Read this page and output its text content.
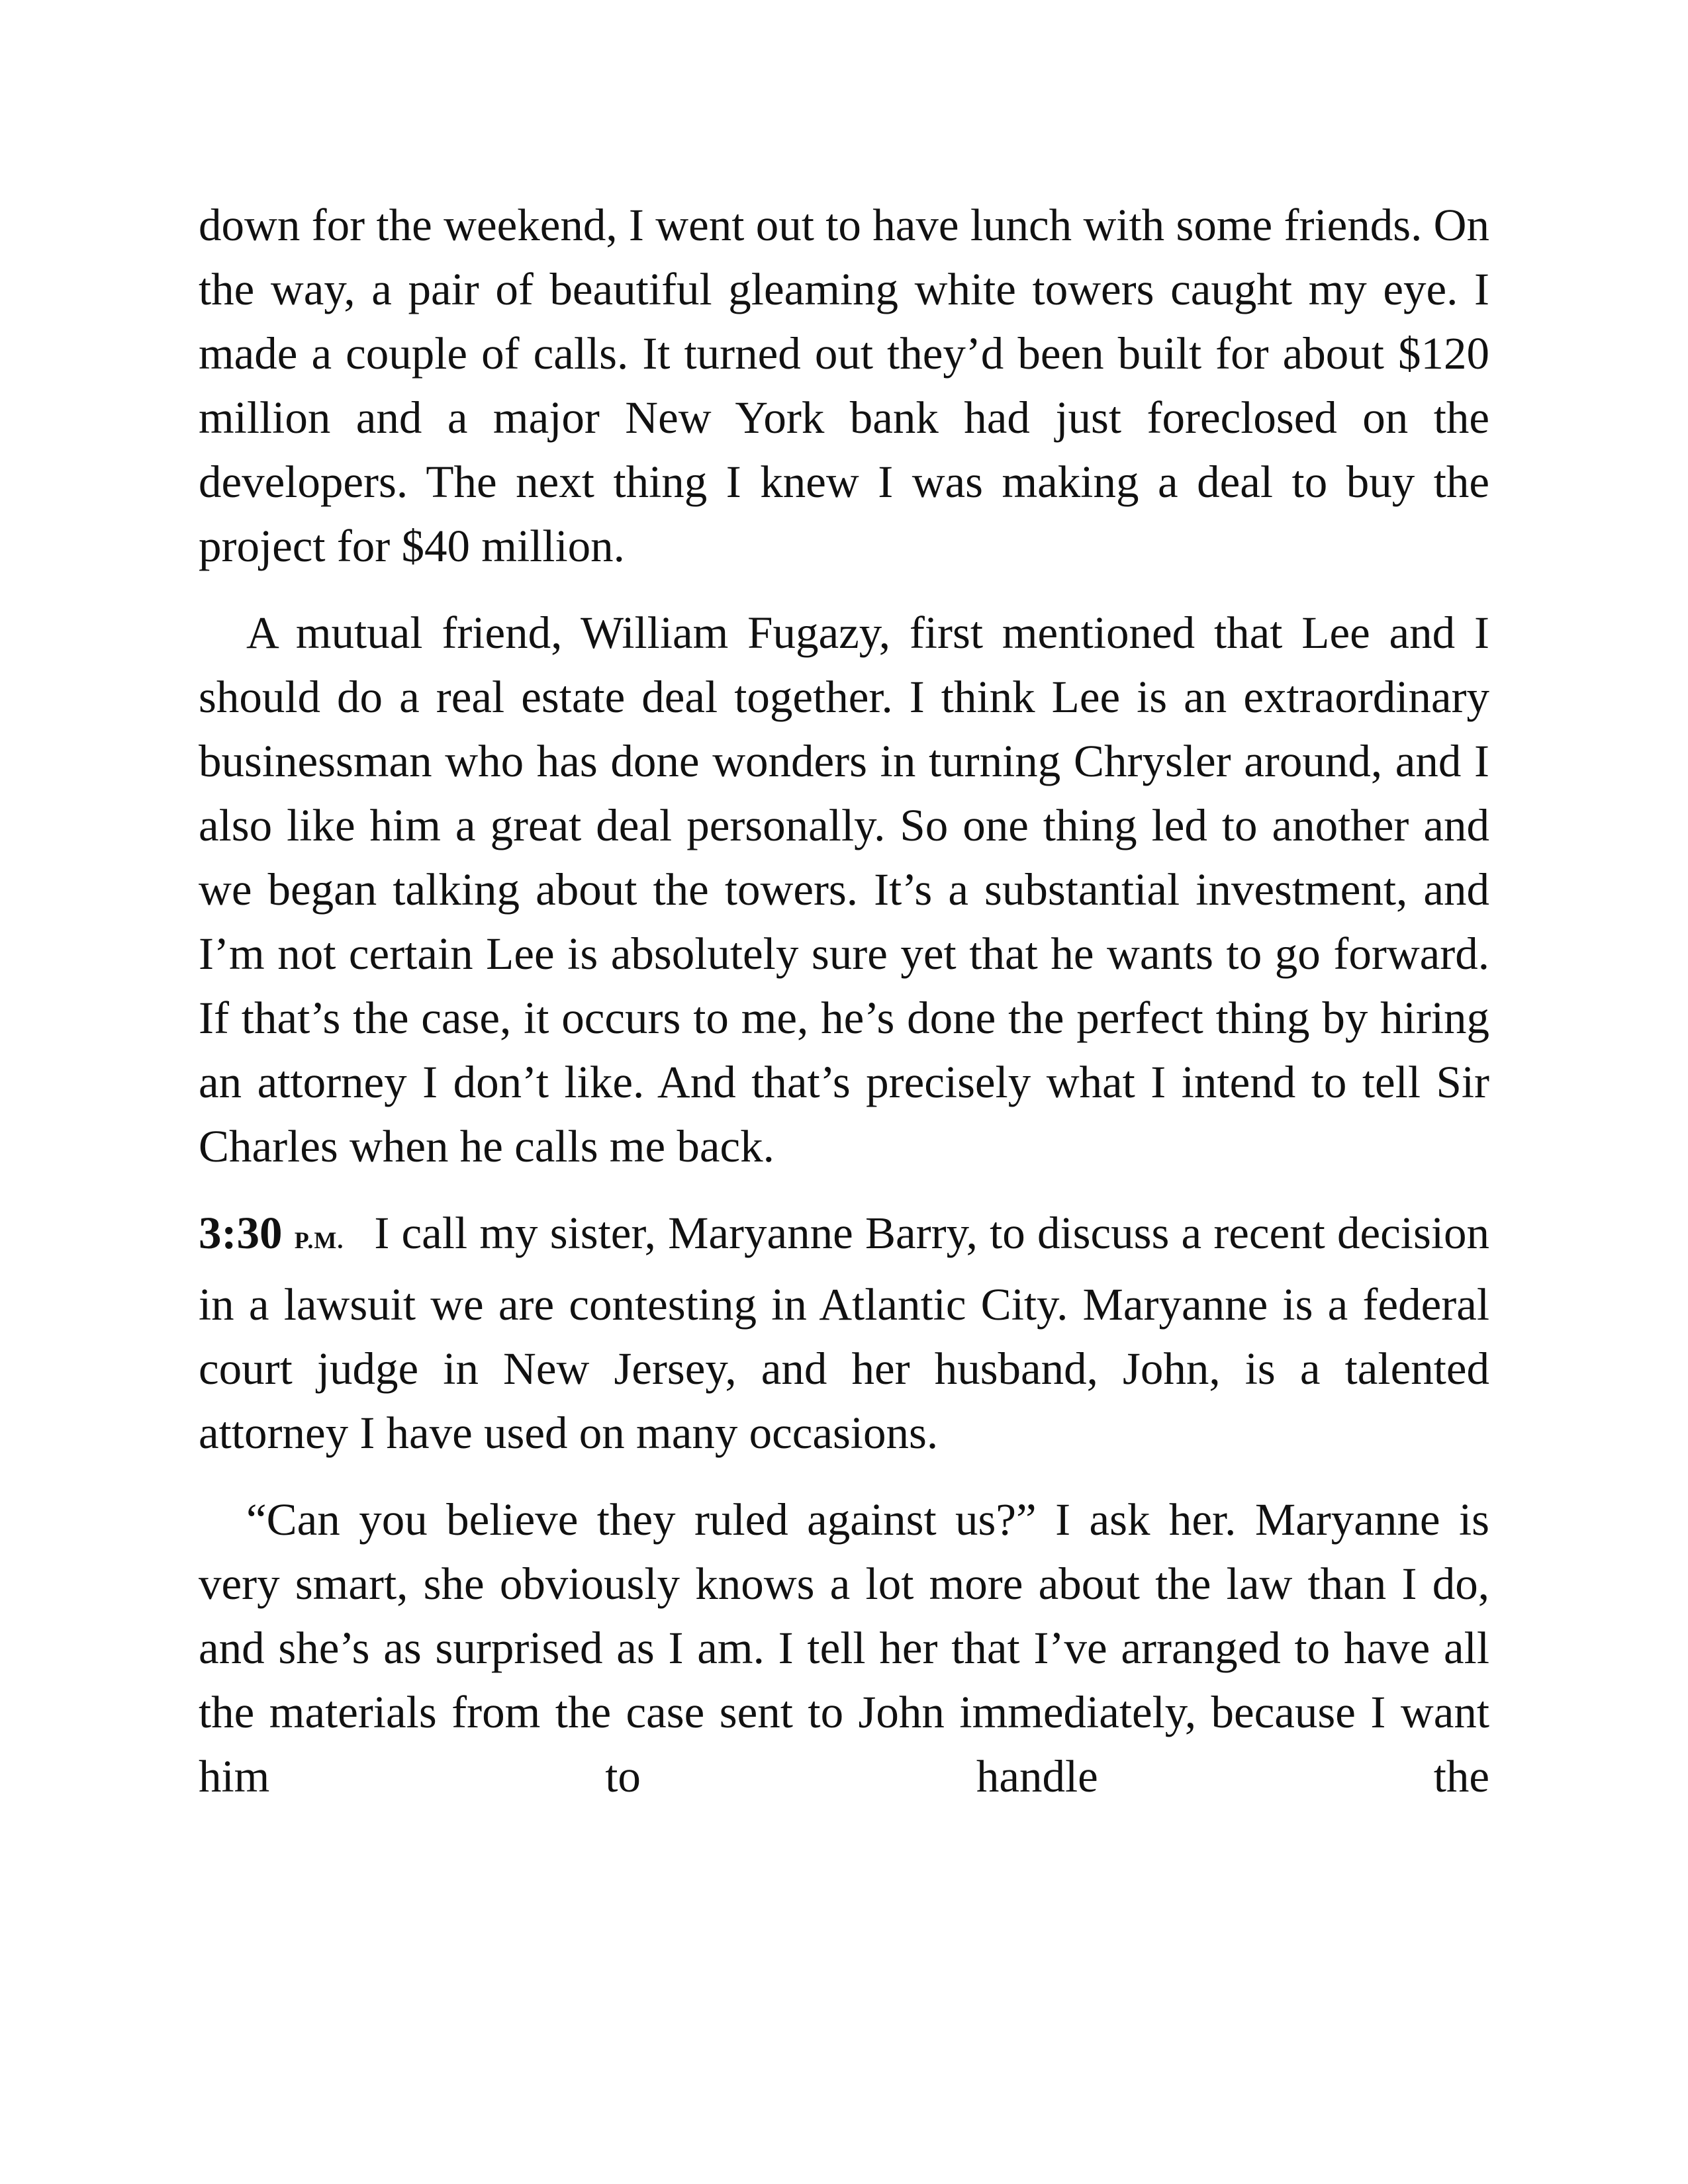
down for the weekend, I went out to have lunch with some friends. On the way, a pair of beautiful gleaming white towers caught my eye. I made a couple of calls. It turned out they’d been built for about $120 million and a major New York bank had just foreclosed on the developers. The next thing I knew I was making a deal to buy the project for $40 million.

A mutual friend, William Fugazy, first mentioned that Lee and I should do a real estate deal together. I think Lee is an extraordinary businessman who has done wonders in turning Chrysler around, and I also like him a great deal personally. So one thing led to another and we began talking about the towers. It’s a substantial investment, and I’m not certain Lee is absolutely sure yet that he wants to go forward. If that’s the case, it occurs to me, he’s done the perfect thing by hiring an attorney I don’t like. And that’s precisely what I intend to tell Sir Charles when he calls me back.

3:30 P.M. I call my sister, Maryanne Barry, to discuss a recent decision in a lawsuit we are contesting in Atlantic City. Maryanne is a federal court judge in New Jersey, and her husband, John, is a talented attorney I have used on many occasions.

“Can you believe they ruled against us?” I ask her. Maryanne is very smart, she obviously knows a lot more about the law than I do, and she’s as surprised as I am. I tell her that I’ve arranged to have all the materials from the case sent to John immediately, because I want him to handle the
